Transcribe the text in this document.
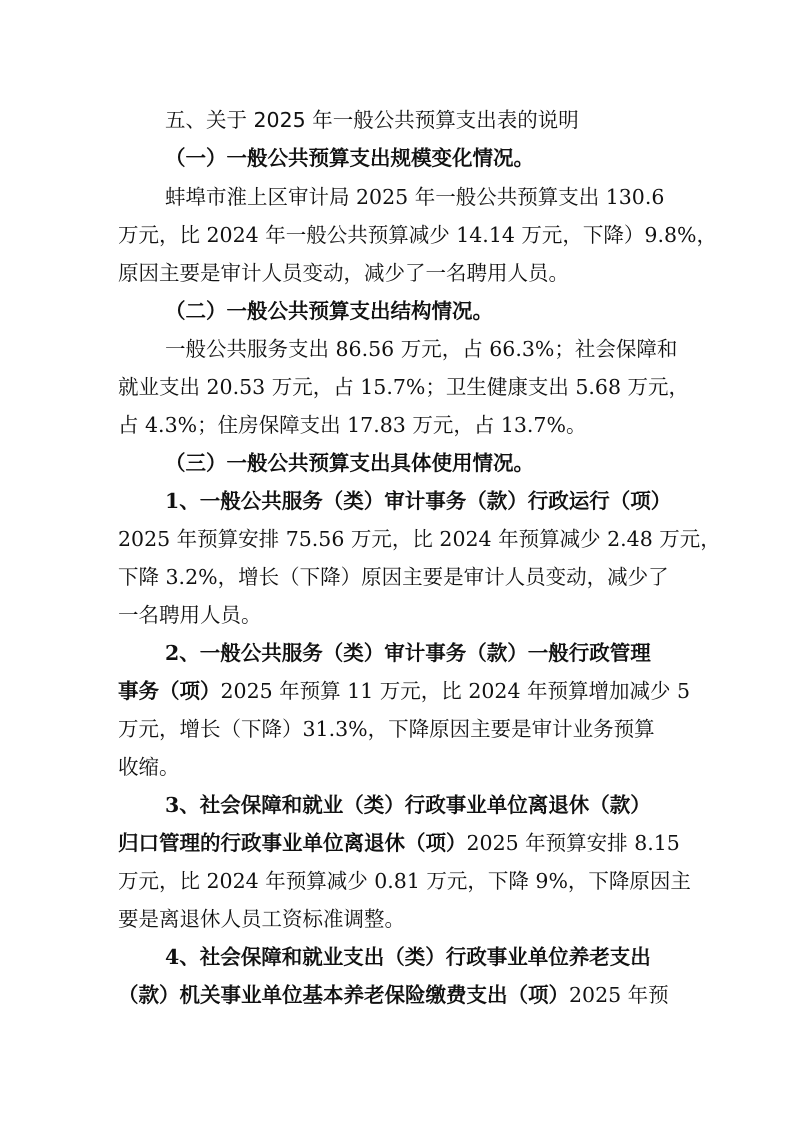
五、关于 2025 年一般公共预算支出表的说明
（一）一般公共预算支出规模变化情况。
蚌埠市淮上区审计局 2025 年一般公共预算支出 130.6
万元，比 2024 年一般公共预算减少 14.14 万元，下降）9.8%，
原因主要是审计人员变动，减少了一名聘用人员。
（二）一般公共预算支出结构情况。
一般公共服务支出 86.56 万元，占 66.3%；社会保障和
就业支出 20.53 万元，占 15.7%；卫生健康支出 5.68 万元，
占 4.3%；住房保障支出 17.83 万元，占 13.7%。
（三）一般公共预算支出具体使用情况。
1、一般公共服务（类）审计事务（款）行政运行（项）
2025 年预算安排 75.56 万元，比 2024 年预算减少 2.48 万元，
下降 3.2%，增长（下降）原因主要是审计人员变动，减少了
一名聘用人员。
2、一般公共服务（类）审计事务（款）一般行政管理
事务（项）2025 年预算 11 万元，比 2024 年预算增加减少 5
万元，增长（下降）31.3%，下降原因主要是审计业务预算
收缩。
3、社会保障和就业（类）行政事业单位离退休（款）
归口管理的行政事业单位离退休（项）2025 年预算安排 8.15
万元，比 2024 年预算减少 0.81 万元，下降 9%，下降原因主
要是离退休人员工资标准调整。
4、社会保障和就业支出（类）行政事业单位养老支出
（款）机关事业单位基本养老保险缴费支出（项）2025 年预
